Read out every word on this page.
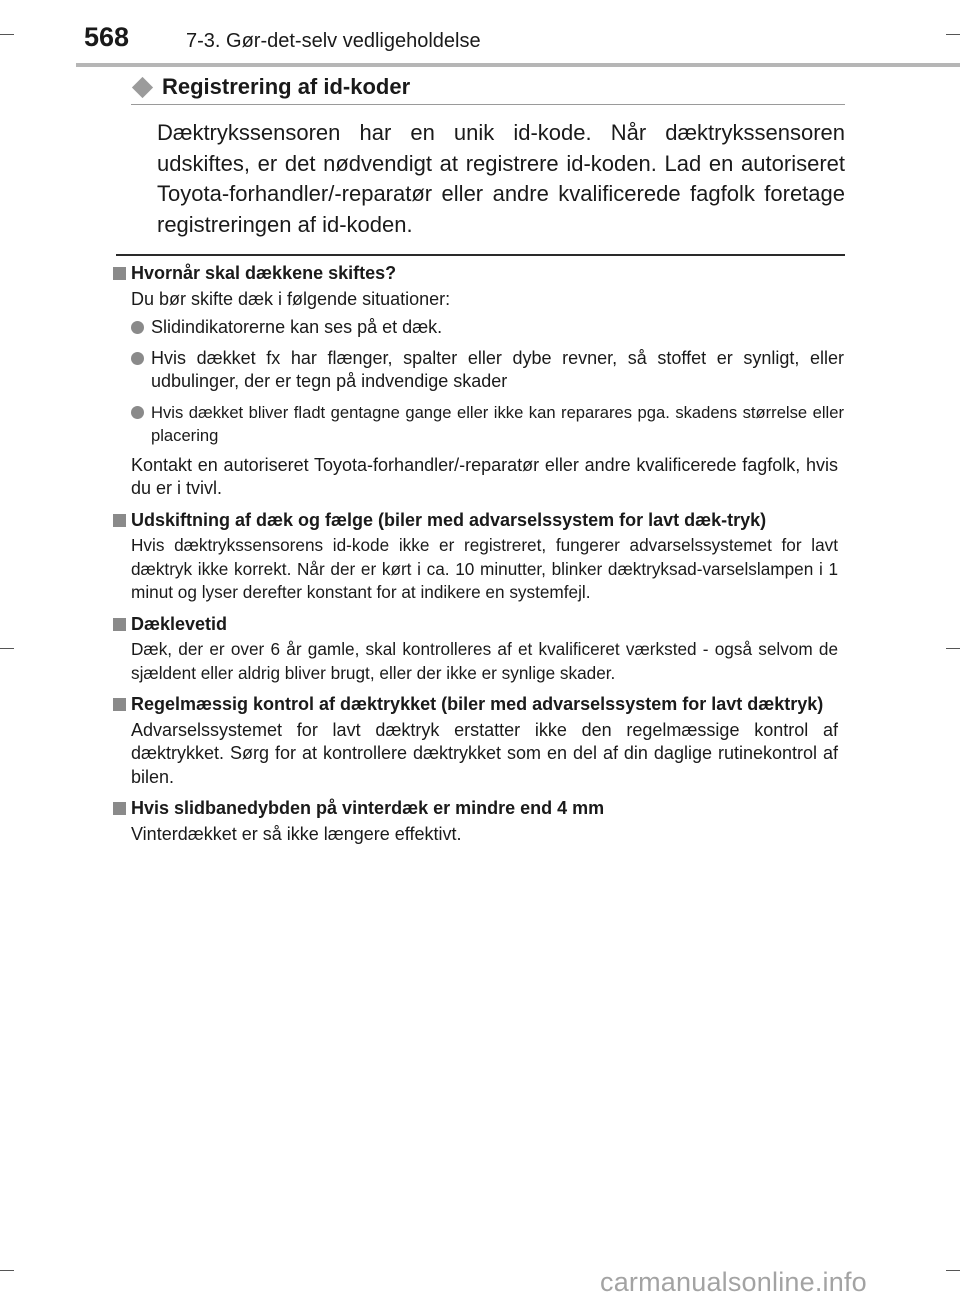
568	7-3. Gør-det-selv vedligeholdelse
Registrering af id-koder

Dæktrykssensoren har en unik id-kode. Når dæktrykssensoren udskiftes, er det nødvendigt at registrere id-koden. Lad en autoriseret Toyota-forhandler/-reparatør eller andre kvalificerede fagfolk foretage registreringen af id-koden.

Hvornår skal dækkene skiftes?
Du bør skifte dæk i følgende situationer:
Slidindikatorerne kan ses på et dæk.
Hvis dækket fx har flænger, spalter eller dybe revner, så stoffet er synligt, eller udbulinger, der er tegn på indvendige skader
Hvis dækket bliver fladt gentagne gange eller ikke kan reparares pga. skadens størrelse eller placering
Kontakt en autoriseret Toyota-forhandler/-reparatør eller andre kvalificerede fagfolk, hvis du er i tvivl.
Udskiftning af dæk og fælge (biler med advarselssystem for lavt dæk-tryk)
Hvis dæktrykssensorens id-kode ikke er registreret, fungerer advarselssystemet for lavt dæktryk ikke korrekt. Når der er kørt i ca. 10 minutter, blinker dæktryksad-varselslampen i 1 minut og lyser derefter konstant for at indikere en systemfejl.
Dæklevetid
Dæk, der er over 6 år gamle, skal kontrolleres af et kvalificeret værksted - også selvom de sjældent eller aldrig bliver brugt, eller der ikke er synlige skader.
Regelmæssig kontrol af dæktrykket (biler med advarselssystem for lavt dæktryk)
Advarselssystemet for lavt dæktryk erstatter ikke den regelmæssige kontrol af dæktrykket. Sørg for at kontrollere dæktrykket som en del af din daglige rutinekontrol af bilen.
Hvis slidbanedybden på vinterdæk er mindre end 4 mm
Vinterdækket er så ikke længere effektivt.
carmanualsonline.info
